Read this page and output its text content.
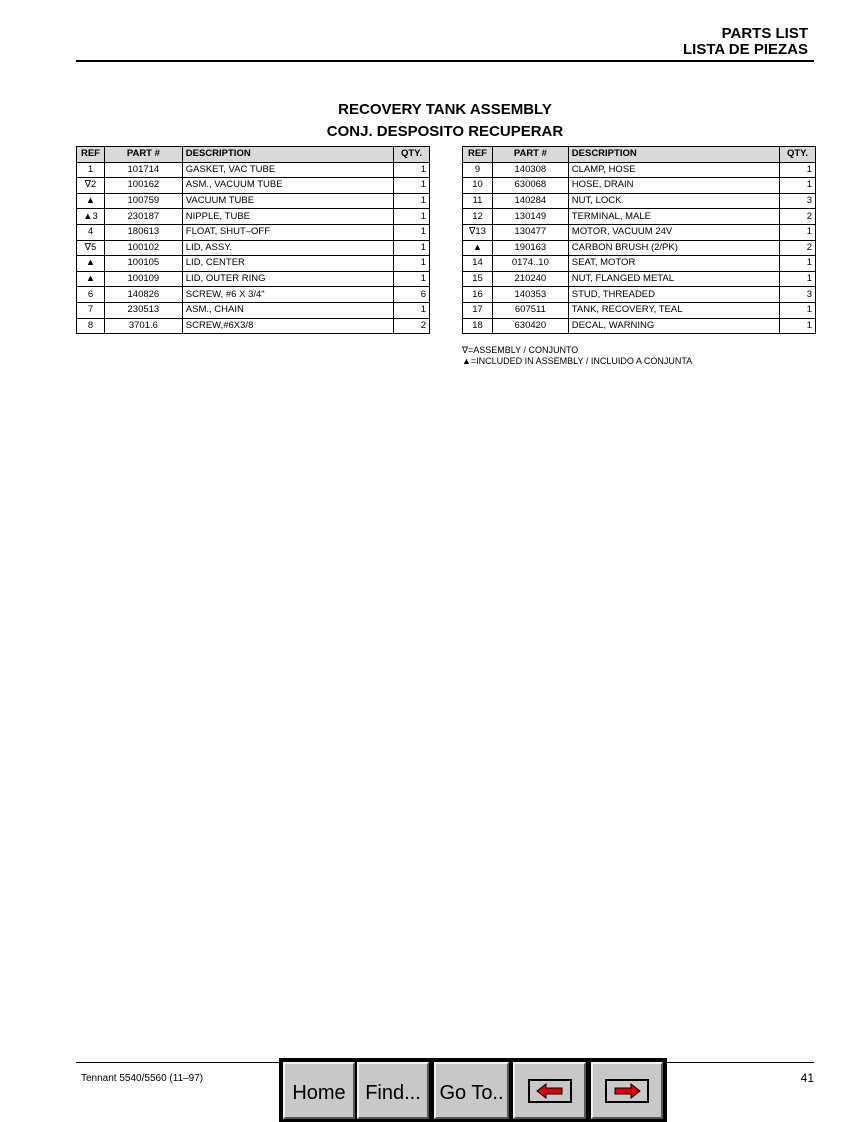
PARTS LIST
LISTA DE PIEZAS
RECOVERY TANK ASSEMBLY
CONJ. DESPOSITO RECUPERAR
REF	PART #	DESCRIPTION	QTY.
1	101714	GASKET, VAC TUBE	1
∇2	100162	ASM., VACUUM TUBE	1
▲	100759	VACUUM TUBE	1
▲3	230187	NIPPLE, TUBE	1
4	180613	FLOAT, SHUT–OFF	1
∇5	100102	LID, ASSY.	1
▲	100105	LID, CENTER	1
▲	100109	LID, OUTER RING	1
6	140826	SCREW, #6 X 3/4"	6
7	230513	ASM., CHAIN	1
8	3701.6	SCREW,#6X3/8	2
REF	PART #	DESCRIPTION	QTY.
9	140308	CLAMP, HOSE	1
10	630068	HOSE, DRAIN	1
11	140284	NUT, LOCK	3
12	130149	TERMINAL, MALE	2
∇13	130477	MOTOR, VACUUM 24V	1
▲	190163	CARBON BRUSH (2/PK)	2
14	0174..10	SEAT, MOTOR	1
15	210240	NUT, FLANGED METAL	1
16	140353	STUD, THREADED	3
17	607511	TANK, RECOVERY, TEAL	1
18	630420	DECAL, WARNING	1
∇=ASSEMBLY / CONJUNTO
▲=INCLUDED IN ASSEMBLY / INCLUIDO A CONJUNTA
Tennant 5540/5560 (11–97)	41
Home Find... Go To..
